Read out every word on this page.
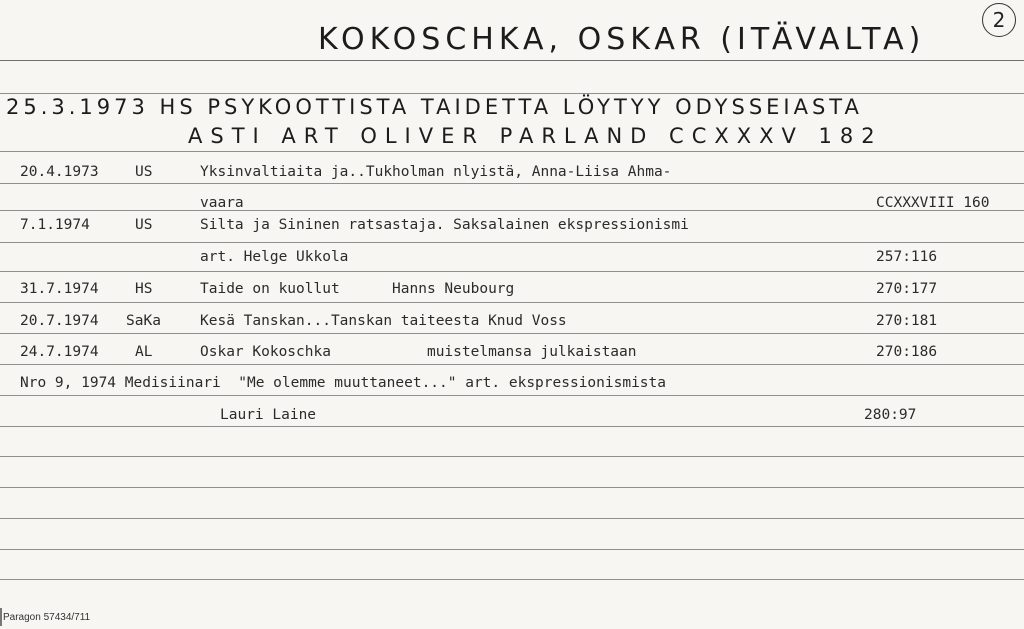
2
KOKOSCHKA, OSKAR (ITÄVALTA)
25.3.1973 HS PSYKOOTTISTA TAIDETTA LÖYTYY ODYSSEIASTA
ASTI ART OLIVER PARLAND CCXXXV 182
20.4.1973	US	Yksinvaltiaita ja..Tukholman nlyistä, Anna-Liisa Ahma-
vaara	CCXXXVIII 160
7.1.1974	US	Silta ja Sininen ratsastaja. Saksalainen ekspressionismi
art. Helge Ukkola	257:116
31.7.1974	HS	Taide on kuollut      Hanns Neubourg	270:177
20.7.1974 SaKa	Kesä Tanskan...Tanskan taiteesta Knud Voss	270:181
24.7.1974	AL	Oskar Kokoschka           muistelmansa julkaistaan	270:186
Nro 9, 1974 Medisiinari  "Me olemme muuttaneet..." art. ekspressionismista
Lauri Laine	280:97
Paragon 57434/711
